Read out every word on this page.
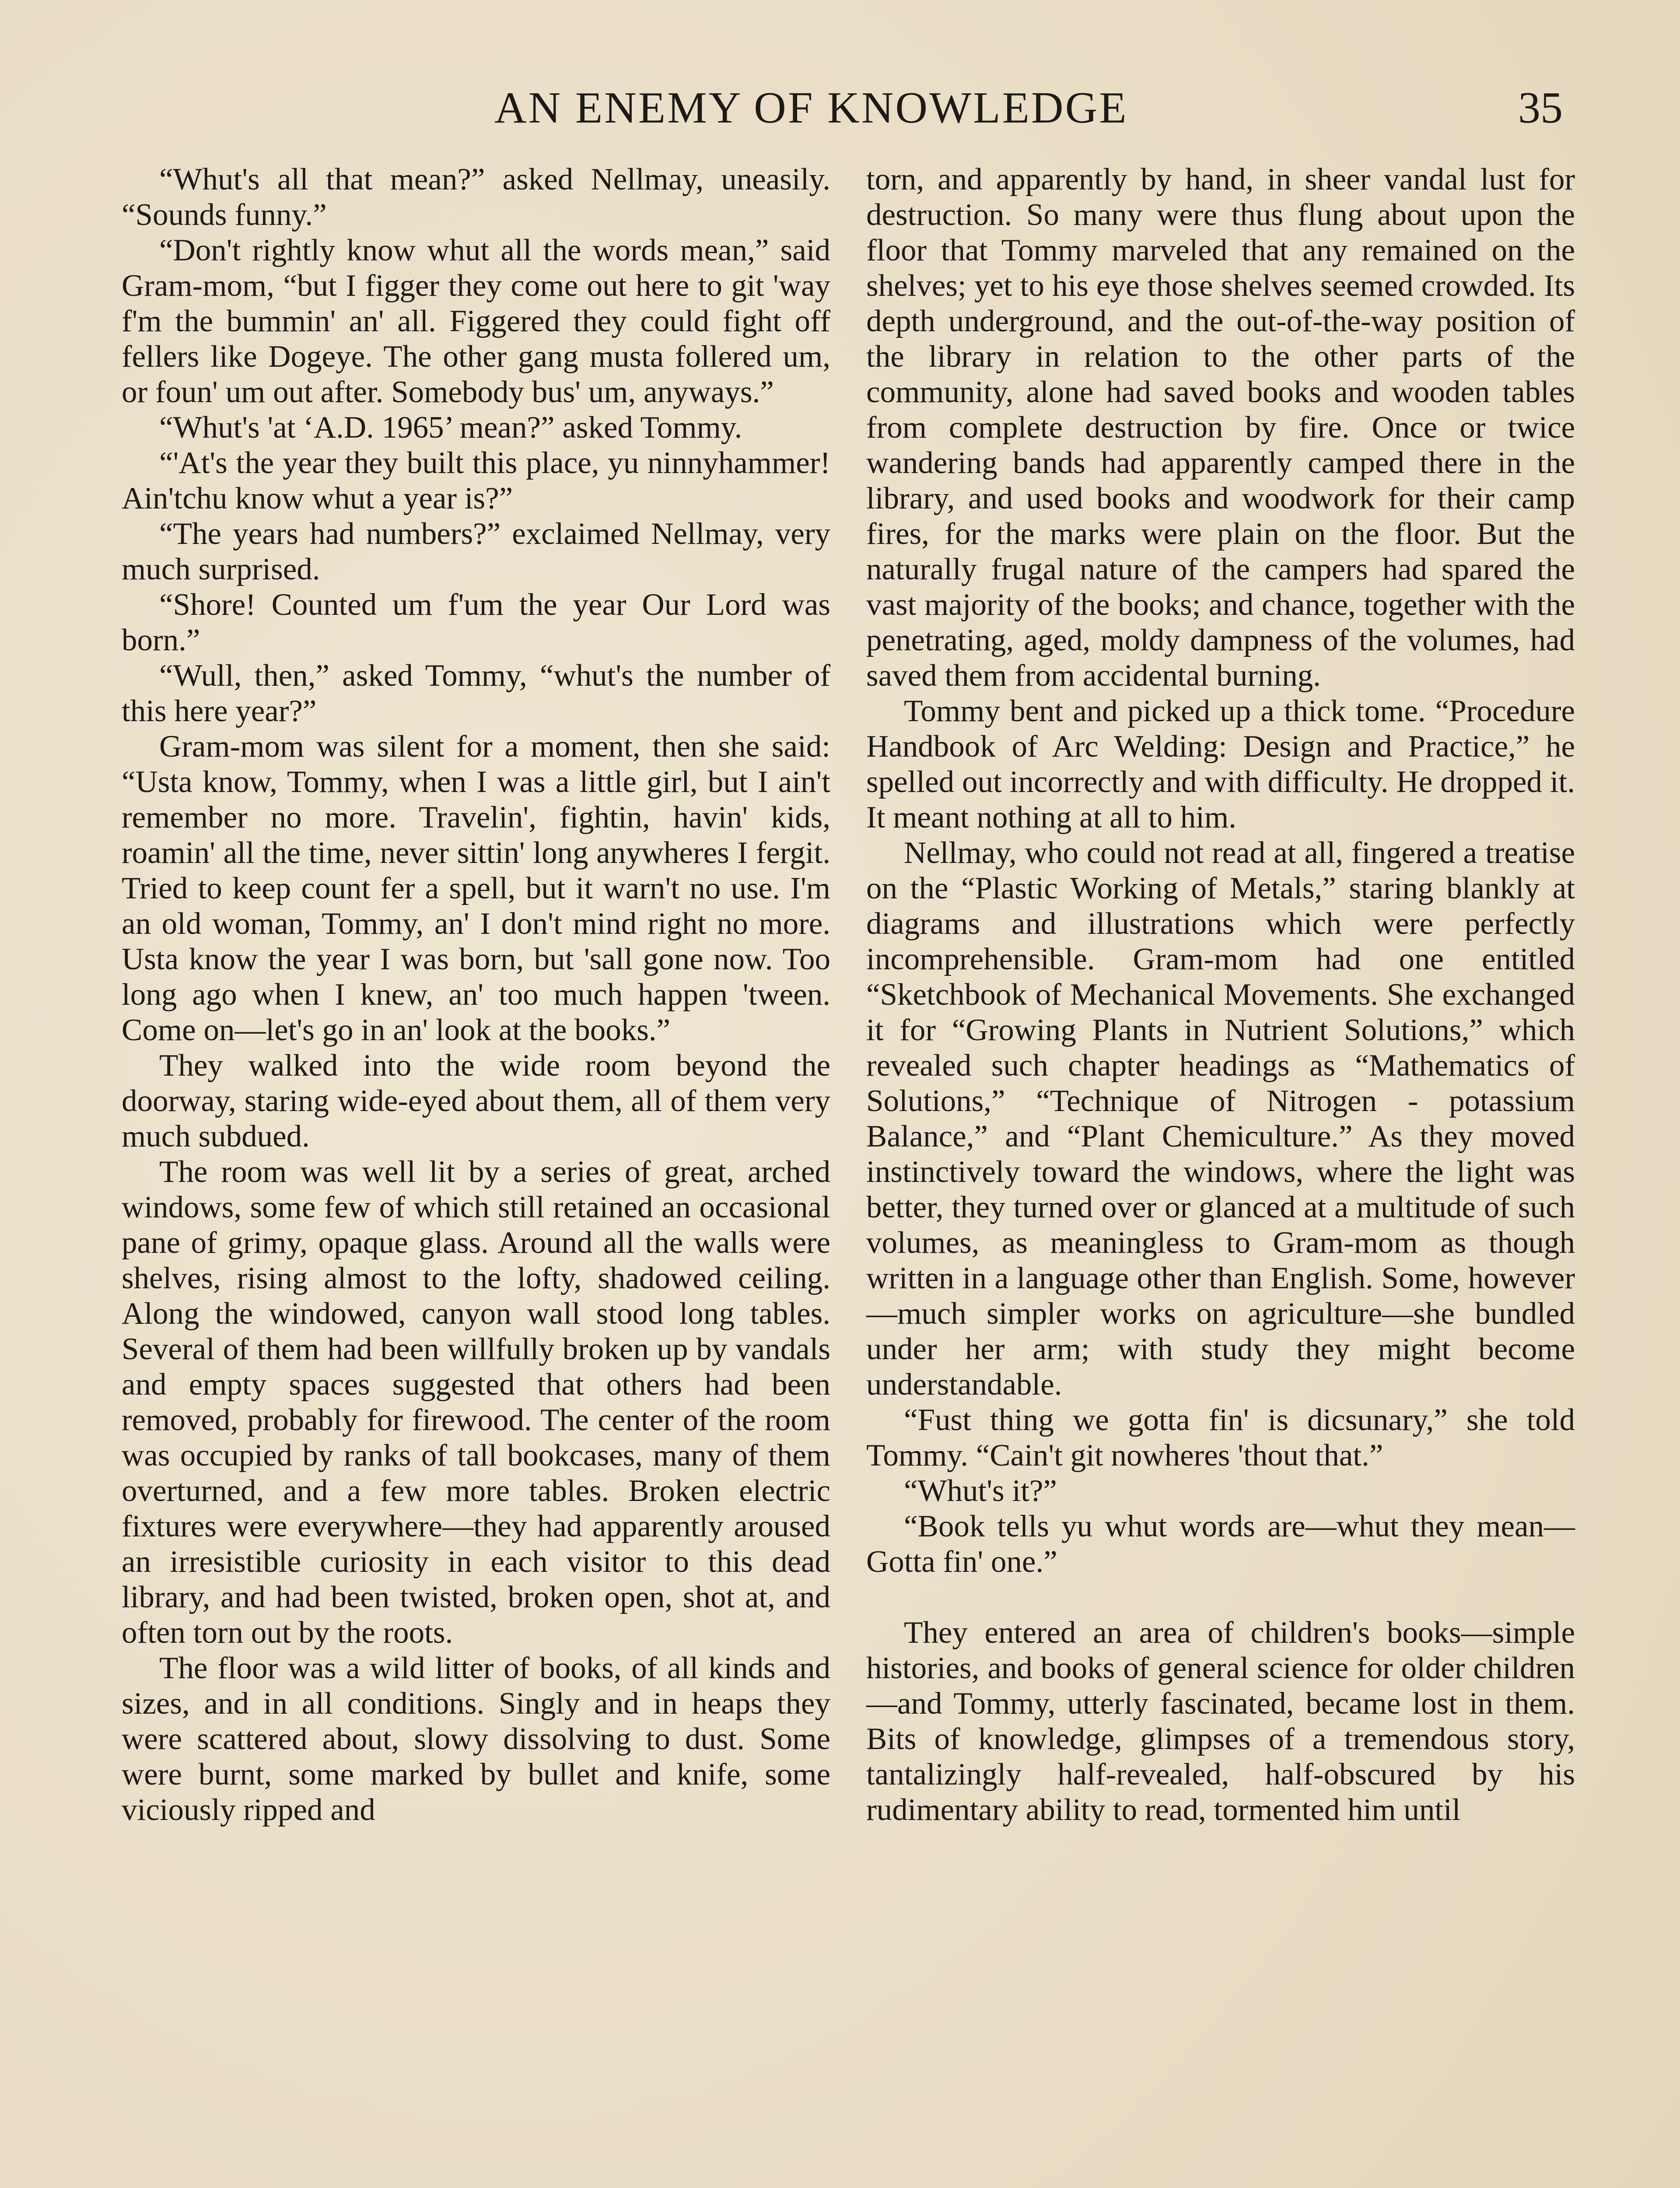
AN ENEMY OF KNOWLEDGE	35

“Whut's all that mean?” asked Nellmay, uneasily. “Sounds funny.”

“Don't rightly know whut all the words mean,” said Gram-mom, “but I figger they come out here to git 'way f'm the bummin' an' all. Figgered they could fight off fellers like Dogeye. The other gang musta follered um, or foun' um out after. Somebody bus' um, anyways.”

“Whut's 'at ‘A.D. 1965’ mean?” asked Tommy.

“'At's the year they built this place, yu ninnyhammer! Ain'tchu know whut a year is?”

“The years had numbers?” exclaimed Nellmay, very much surprised.

“Shore! Counted um f'um the year Our Lord was born.”

“Wull, then,” asked Tommy, “whut's the number of this here year?”

Gram-mom was silent for a moment, then she said: “Usta know, Tommy, when I was a little girl, but I ain't remember no more. Travelin', fightin, havin' kids, roamin' all the time, never sittin' long anywheres I fergit. Tried to keep count fer a spell, but it warn't no use. I'm an old woman, Tommy, an' I don't mind right no more. Usta know the year I was born, but 'sall gone now. Too long ago when I knew, an' too much happen 'tween. Come on—let's go in an' look at the books.”

They walked into the wide room beyond the doorway, staring wide-eyed about them, all of them very much subdued.

The room was well lit by a series of great, arched windows, some few of which still retained an occasional pane of grimy, opaque glass. Around all the walls were shelves, rising almost to the lofty, shadowed ceiling. Along the windowed, canyon wall stood long tables. Several of them had been willfully broken up by vandals and empty spaces suggested that others had been removed, probably for firewood. The center of the room was occupied by ranks of tall bookcases, many of them overturned, and a few more tables. Broken electric fixtures were everywhere—they had apparently aroused an irresistible curiosity in each visitor to this dead library, and had been twisted, broken open, shot at, and often torn out by the roots.

The floor was a wild litter of books, of all kinds and sizes, and in all conditions. Singly and in heaps they were scattered about, slowy dissolving to dust. Some were burnt, some marked by bullet and knife, some viciously ripped and

torn, and apparently by hand, in sheer vandal lust for destruction. So many were thus flung about upon the floor that Tommy marveled that any remained on the shelves; yet to his eye those shelves seemed crowded. Its depth underground, and the out-of-the-way position of the library in relation to the other parts of the community, alone had saved books and wooden tables from complete destruction by fire. Once or twice wandering bands had apparently camped there in the library, and used books and woodwork for their camp fires, for the marks were plain on the floor. But the naturally frugal nature of the campers had spared the vast majority of the books; and chance, together with the penetrating, aged, moldy dampness of the volumes, had saved them from accidental burning.

Tommy bent and picked up a thick tome. “Procedure Handbook of Arc Welding: Design and Practice,” he spelled out incorrectly and with difficulty. He dropped it. It meant nothing at all to him.

Nellmay, who could not read at all, fingered a treatise on the “Plastic Working of Metals,” staring blankly at diagrams and illustrations which were perfectly incomprehensible. Gram-mom had one entitled “Sketchbook of Mechanical Movements. She exchanged it for “Growing Plants in Nutrient Solutions,” which revealed such chapter headings as “Mathematics of Solutions,” “Technique of Nitrogen - potassium Balance,” and “Plant Chemiculture.” As they moved instinctively toward the windows, where the light was better, they turned over or glanced at a multitude of such volumes, as meaningless to Gram-mom as though written in a language other than English. Some, however—much simpler works on agriculture—she bundled under her arm; with study they might become understandable.

“Fust thing we gotta fin' is dicsunary,” she told Tommy. “Cain't git nowheres 'thout that.”

“Whut's it?”

“Book tells yu whut words are—whut they mean—Gotta fin' one.”

They entered an area of children's books—simple histories, and books of general science for older children—and Tommy, utterly fascinated, became lost in them. Bits of knowledge, glimpses of a tremendous story, tantalizingly half-revealed, half-obscured by his rudimentary ability to read, tormented him until
